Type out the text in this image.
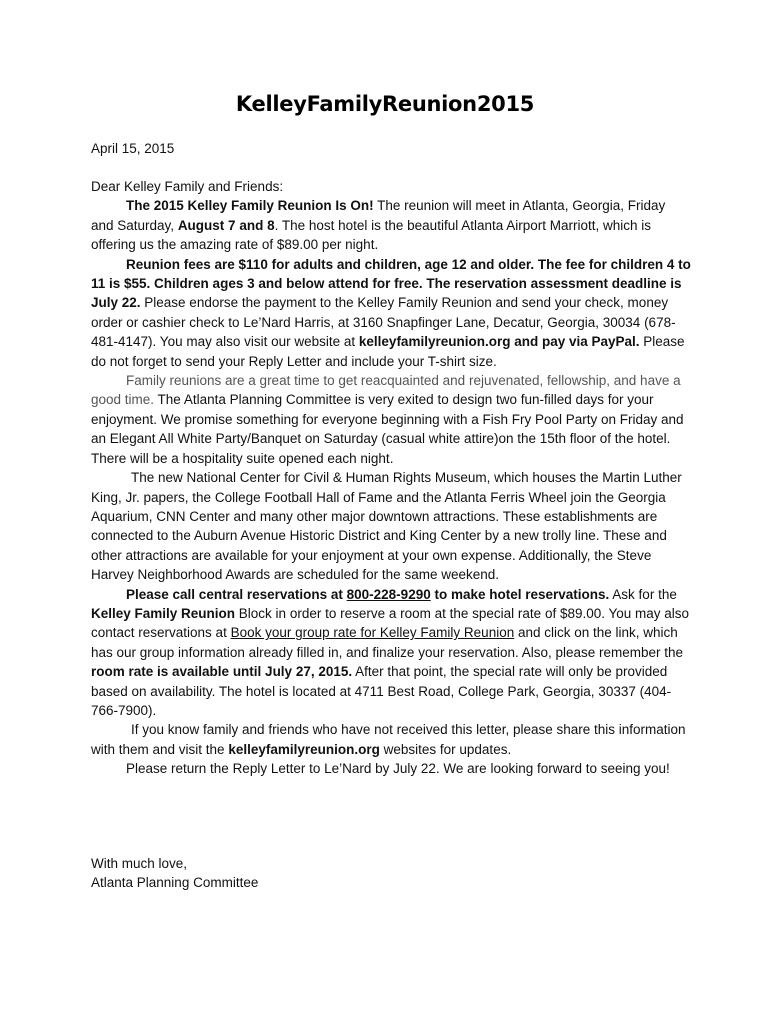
KelleyFamilyReunion2015
April 15, 2015

Dear Kelley Family and Friends:

The 2015 Kelley Family Reunion Is On! The reunion will meet in Atlanta, Georgia, Friday and Saturday, August 7 and 8. The host hotel is the beautiful Atlanta Airport Marriott, which is offering us the amazing rate of $89.00 per night.

Reunion fees are $110 for adults and children, age 12 and older. The fee for children 4 to 11 is $55. Children ages 3 and below attend for free. The reservation assessment deadline is July 22. Please endorse the payment to the Kelley Family Reunion and send your check, money order or cashier check to Le’Nard Harris, at 3160 Snapfinger Lane, Decatur, Georgia, 30034 (678-481-4147). You may also visit our website at kelleyfamilyreunion.org and pay via PayPal. Please do not forget to send your Reply Letter and include your T-shirt size.

Family reunions are a great time to get reacquainted and rejuvenated, fellowship, and have a good time. The Atlanta Planning Committee is very exited to design two fun-filled days for your enjoyment. We promise something for everyone beginning with a Fish Fry Pool Party on Friday and an Elegant All White Party/Banquet on Saturday (casual white attire)on the 15th floor of the hotel. There will be a hospitality suite opened each night.

The new National Center for Civil & Human Rights Museum, which houses the Martin Luther King, Jr. papers, the College Football Hall of Fame and the Atlanta Ferris Wheel join the Georgia Aquarium, CNN Center and many other major downtown attractions. These establishments are connected to the Auburn Avenue Historic District and King Center by a new trolly line. These and other attractions are available for your enjoyment at your own expense. Additionally, the Steve Harvey Neighborhood Awards are scheduled for the same weekend.

Please call central reservations at 800-228-9290 to make hotel reservations. Ask for the Kelley Family Reunion Block in order to reserve a room at the special rate of $89.00. You may also contact reservations at Book your group rate for Kelley Family Reunion and click on the link, which has our group information already filled in, and finalize your reservation. Also, please remember the room rate is available until July 27, 2015. After that point, the special rate will only be provided based on availability. The hotel is located at 4711 Best Road, College Park, Georgia, 30337 (404-766-7900).

If you know family and friends who have not received this letter, please share this information with them and visit the kelleyfamilyreunion.org websites for updates.

Please return the Reply Letter to Le’Nard by July 22. We are looking forward to seeing you!

With much love,
Atlanta Planning Committee
